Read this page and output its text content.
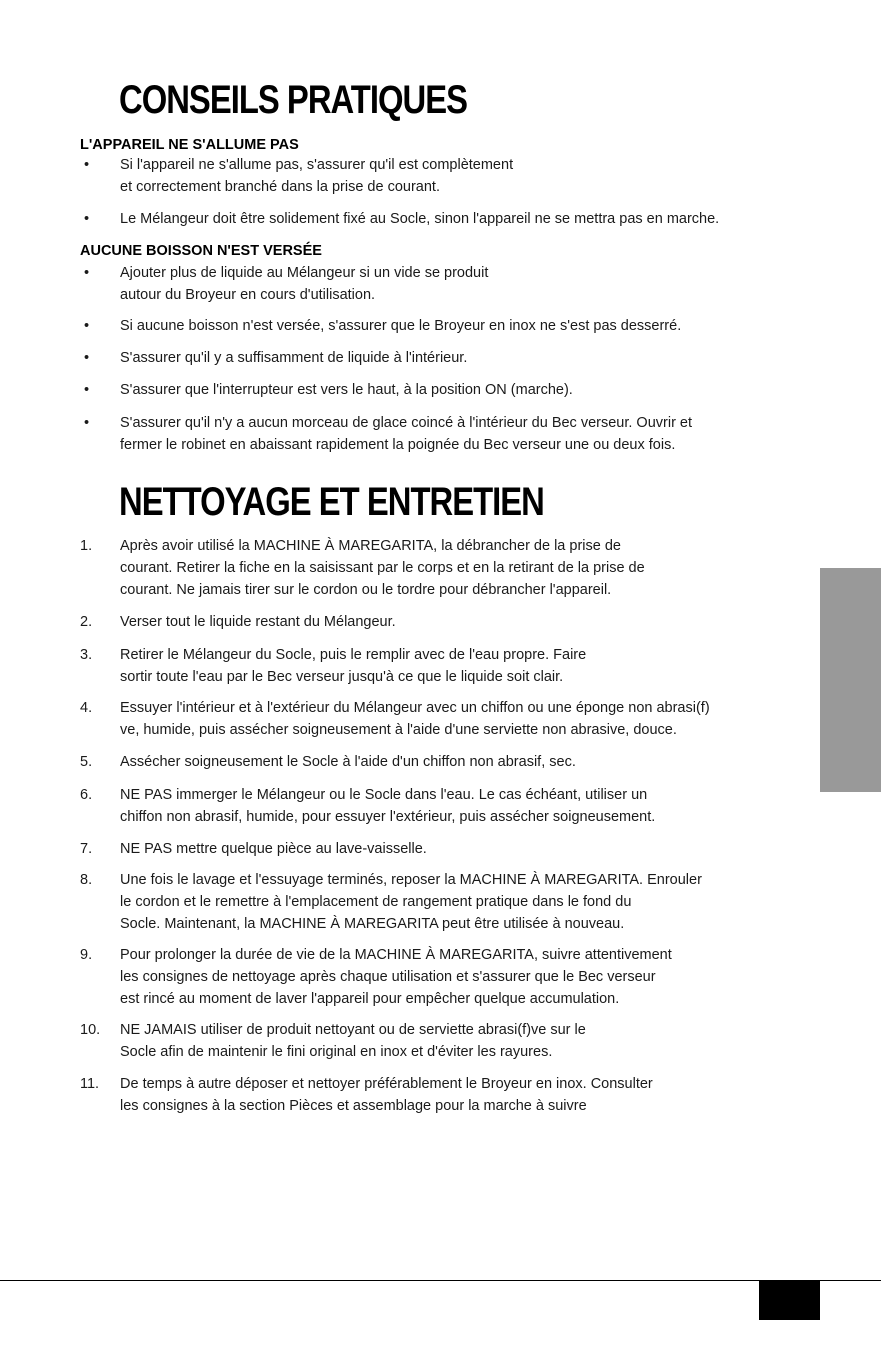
CONSEILS PRATIQUES
L'APPAREIL NE S'ALLUME PAS
• Si l'appareil ne s'allume pas, s'assurer qu'il est complètement
et correctement branché dans la prise de courant.
• Le Mélangeur doit être solidement fixé au Socle, sinon l'appareil ne se mettra pas en marche.
AUCUNE BOISSON N'EST VERSÉE
• Ajouter plus de liquide au Mélangeur si un vide se produit
autour du Broyeur en cours d'utilisation.
• Si aucune boisson n'est versée, s'assurer que le Broyeur en inox ne s'est pas desserré.
• S'assurer qu'il y a suffisamment de liquide à l'intérieur.
• S'assurer que l'interrupteur est vers le haut, à la position ON (marche).
• S'assurer qu'il n'y a aucun morceau de glace coincé à l'intérieur du Bec verseur. Ouvrir et
fermer le robinet en abaissant rapidement la poignée du Bec verseur une ou deux fois.
NETTOYAGE ET ENTRETIEN
1. Après avoir utilisé la MACHINE À MAREGARITA, la débrancher de la prise de
courant. Retirer la fiche en la saisissant par le corps et en la retirant de la prise de
courant. Ne jamais tirer sur le cordon ou le tordre pour débrancher l'appareil.
2. Verser tout le liquide restant du Mélangeur.
3. Retirer le Mélangeur du Socle, puis le remplir avec de l'eau propre. Faire
sortir toute l'eau par le Bec verseur jusqu'à ce que le liquide soit clair.
4. Essuyer l'intérieur et à l'extérieur du Mélangeur avec un chiffon ou une éponge non abrasi(f)
ve, humide, puis assécher soigneusement à l'aide d'une serviette non abrasive, douce.
5. Assécher soigneusement le Socle à l'aide d'un chiffon non abrasif, sec.
6. NE PAS immerger le Mélangeur ou le Socle dans l'eau. Le cas échéant, utiliser un
chiffon non abrasif, humide, pour essuyer l'extérieur, puis assécher soigneusement.
7. NE PAS mettre quelque pièce au lave-vaisselle.
8. Une fois le lavage et l'essuyage terminés, reposer la MACHINE À MAREGARITA. Enrouler
le cordon et le remettre à l'emplacement de rangement pratique dans le fond du
Socle. Maintenant, la MACHINE À MAREGARITA peut être utilisée à nouveau.
9. Pour prolonger la durée de vie de la MACHINE À MAREGARITA, suivre attentivement
les consignes de nettoyage après chaque utilisation et s'assurer que le Bec verseur
est rincé au moment de laver l'appareil pour empêcher quelque accumulation.
10. NE JAMAIS utiliser de produit nettoyant ou de serviette abrasi(f)ve sur le
Socle afin de maintenir le fini original en inox et d'éviter les rayures.
11. De temps à autre déposer et nettoyer préférablement le Broyeur en inox. Consulter
les consignes à la section Pièces et assemblage pour la marche à suivre
